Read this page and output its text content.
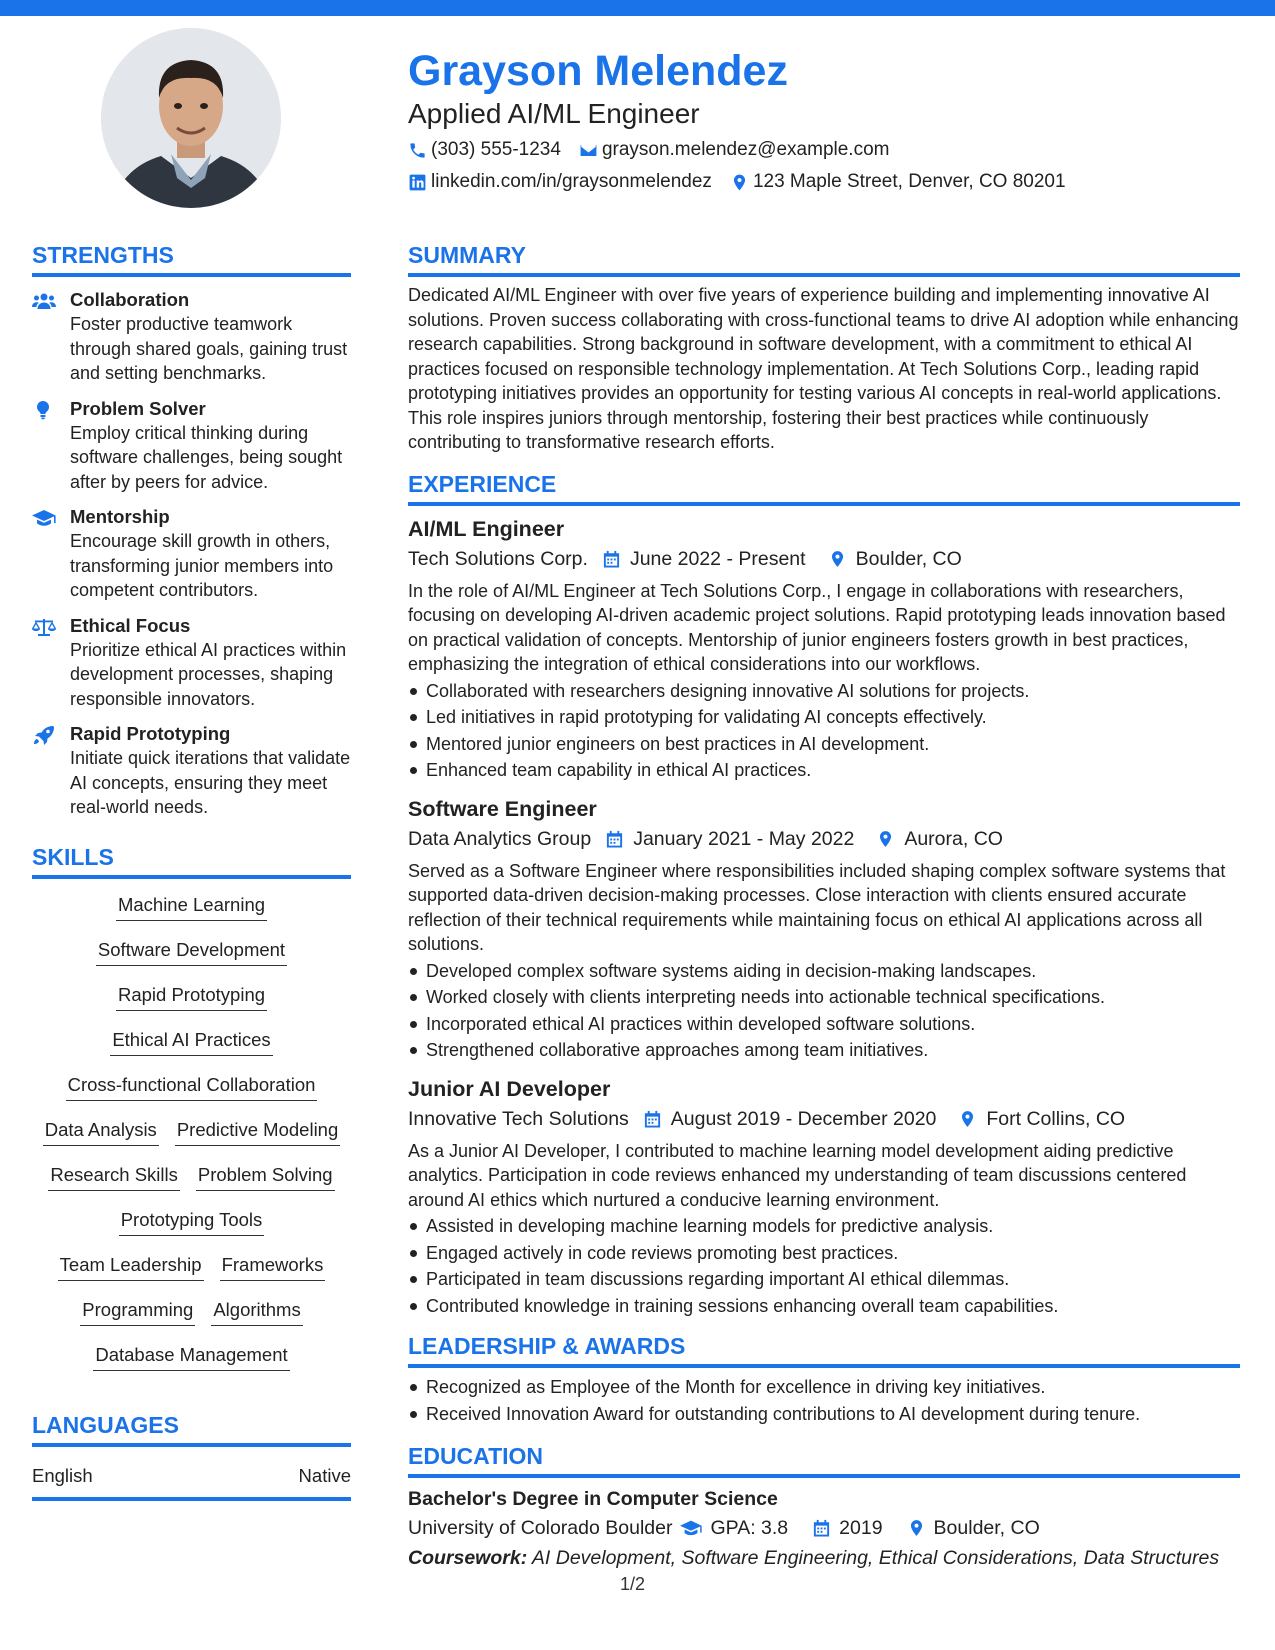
Grayson Melendez
Applied AI/ML Engineer
(303) 555-1234 grayson.melendez@example.com
linkedin.com/in/graysonmelendez 123 Maple Street, Denver, CO 80201
STRENGTHS
Collaboration
Foster productive teamwork through shared goals, gaining trust and setting benchmarks.
Problem Solver
Employ critical thinking during software challenges, being sought after by peers for advice.
Mentorship
Encourage skill growth in others, transforming junior members into competent contributors.
Ethical Focus
Prioritize ethical AI practices within development processes, shaping responsible innovators.
Rapid Prototyping
Initiate quick iterations that validate AI concepts, ensuring they meet real-world needs.
SKILLS
Machine Learning
Software Development
Rapid Prototyping
Ethical AI Practices
Cross-functional Collaboration
Data Analysis Predictive Modeling
Research Skills Problem Solving
Prototyping Tools
Team Leadership Frameworks
Programming Algorithms
Database Management
LANGUAGES
English	Native
SUMMARY
Dedicated AI/ML Engineer with over five years of experience building and implementing innovative AI solutions. Proven success collaborating with cross-functional teams to drive AI adoption while enhancing research capabilities. Strong background in software development, with a commitment to ethical AI practices focused on responsible technology implementation. At Tech Solutions Corp., leading rapid prototyping initiatives provides an opportunity for testing various AI concepts in real-world applications. This role inspires juniors through mentorship, fostering their best practices while continuously contributing to transformative research efforts.
EXPERIENCE
AI/ML Engineer
Tech Solutions Corp. June 2022 - Present	Boulder, CO
In the role of AI/ML Engineer at Tech Solutions Corp., I engage in collaborations with researchers, focusing on developing AI-driven academic project solutions. Rapid prototyping leads innovation based on practical validation of concepts. Mentorship of junior engineers fosters growth in best practices, emphasizing the integration of ethical considerations into our workflows.
Collaborated with researchers designing innovative AI solutions for projects.
Led initiatives in rapid prototyping for validating AI concepts effectively.
Mentored junior engineers on best practices in AI development.
Enhanced team capability in ethical AI practices.
Software Engineer
Data Analytics Group January 2021 - May 2022	Aurora, CO
Served as a Software Engineer where responsibilities included shaping complex software systems that supported data-driven decision-making processes. Close interaction with clients ensured accurate reflection of their technical requirements while maintaining focus on ethical AI applications across all solutions.
Developed complex software systems aiding in decision-making landscapes.
Worked closely with clients interpreting needs into actionable technical specifications.
Incorporated ethical AI practices within developed software solutions.
Strengthened collaborative approaches among team initiatives.
Junior AI Developer
Innovative Tech Solutions August 2019 - December 2020	Fort Collins, CO
As a Junior AI Developer, I contributed to machine learning model development aiding predictive analytics. Participation in code reviews enhanced my understanding of team discussions centered around AI ethics which nurtured a conducive learning environment.
Assisted in developing machine learning models for predictive analysis.
Engaged actively in code reviews promoting best practices.
Participated in team discussions regarding important AI ethical dilemmas.
Contributed knowledge in training sessions enhancing overall team capabilities.
LEADERSHIP & AWARDS
Recognized as Employee of the Month for excellence in driving key initiatives.
Received Innovation Award for outstanding contributions to AI development during tenure.
EDUCATION
Bachelor's Degree in Computer Science
University of Colorado Boulder GPA: 3.8	2019	Boulder, CO
Coursework: AI Development, Software Engineering, Ethical Considerations, Data Structures
1/2
